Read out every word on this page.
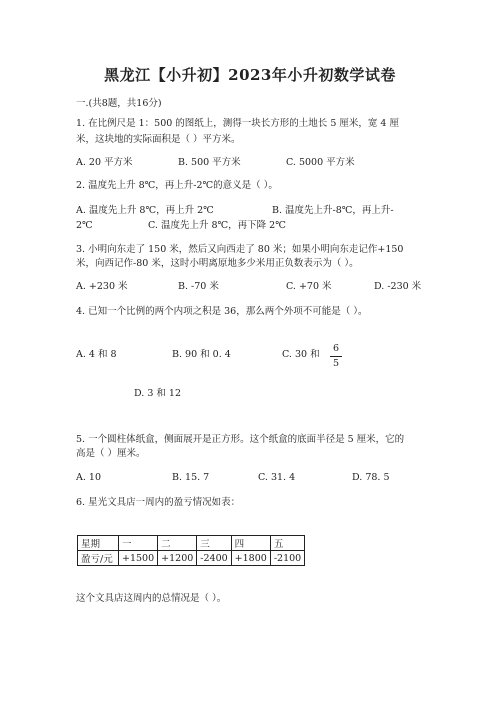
黑龙江【小升初】2023年小升初数学试卷
一.(共8题，共16分)
1. 在比例尺是 1：500 的图纸上，测得一块长方形的土地长 5 厘米，宽 4 厘
米，这块地的实际面积是（ ）平方米。
A. 20 平方米	B. 500 平方米	C. 5000 平方米
2. 温度先上升 8℃，再上升-2℃的意义是（ ）。
A. 温度先上升 8℃，再上升 2℃	B. 温度先上升-8℃，再上升-
2℃	C. 温度先上升 8℃，再下降 2℃
3. 小明向东走了 150 米，然后又向西走了 80 米；如果小明向东走记作+150
米，向西记作-80 米，这时小明离原地多少米用正负数表示为（ ）。
A. +230 米	B. -70 米	C. +70 米	D. -230 米
4. 已知一个比例的两个内项之积是 36，那么两个外项不可能是（ ）。
A. 4 和 8	B. 90 和 0. 4	C. 30 和
6
5
D. 3 和 12
5. 一个圆柱体纸盒，侧面展开是正方形。这个纸盒的底面半径是 5 厘米，它的
高是（ ）厘米。
A. 10	B. 15. 7	C. 31. 4	D. 78. 5
6. 星光文具店一周内的盈亏情况如表：
星期	一	二	三	四	五
盈亏/元	+1500	+1200	-2400	+1800	-2100
这个文具店这周内的总情况是（ ）。
